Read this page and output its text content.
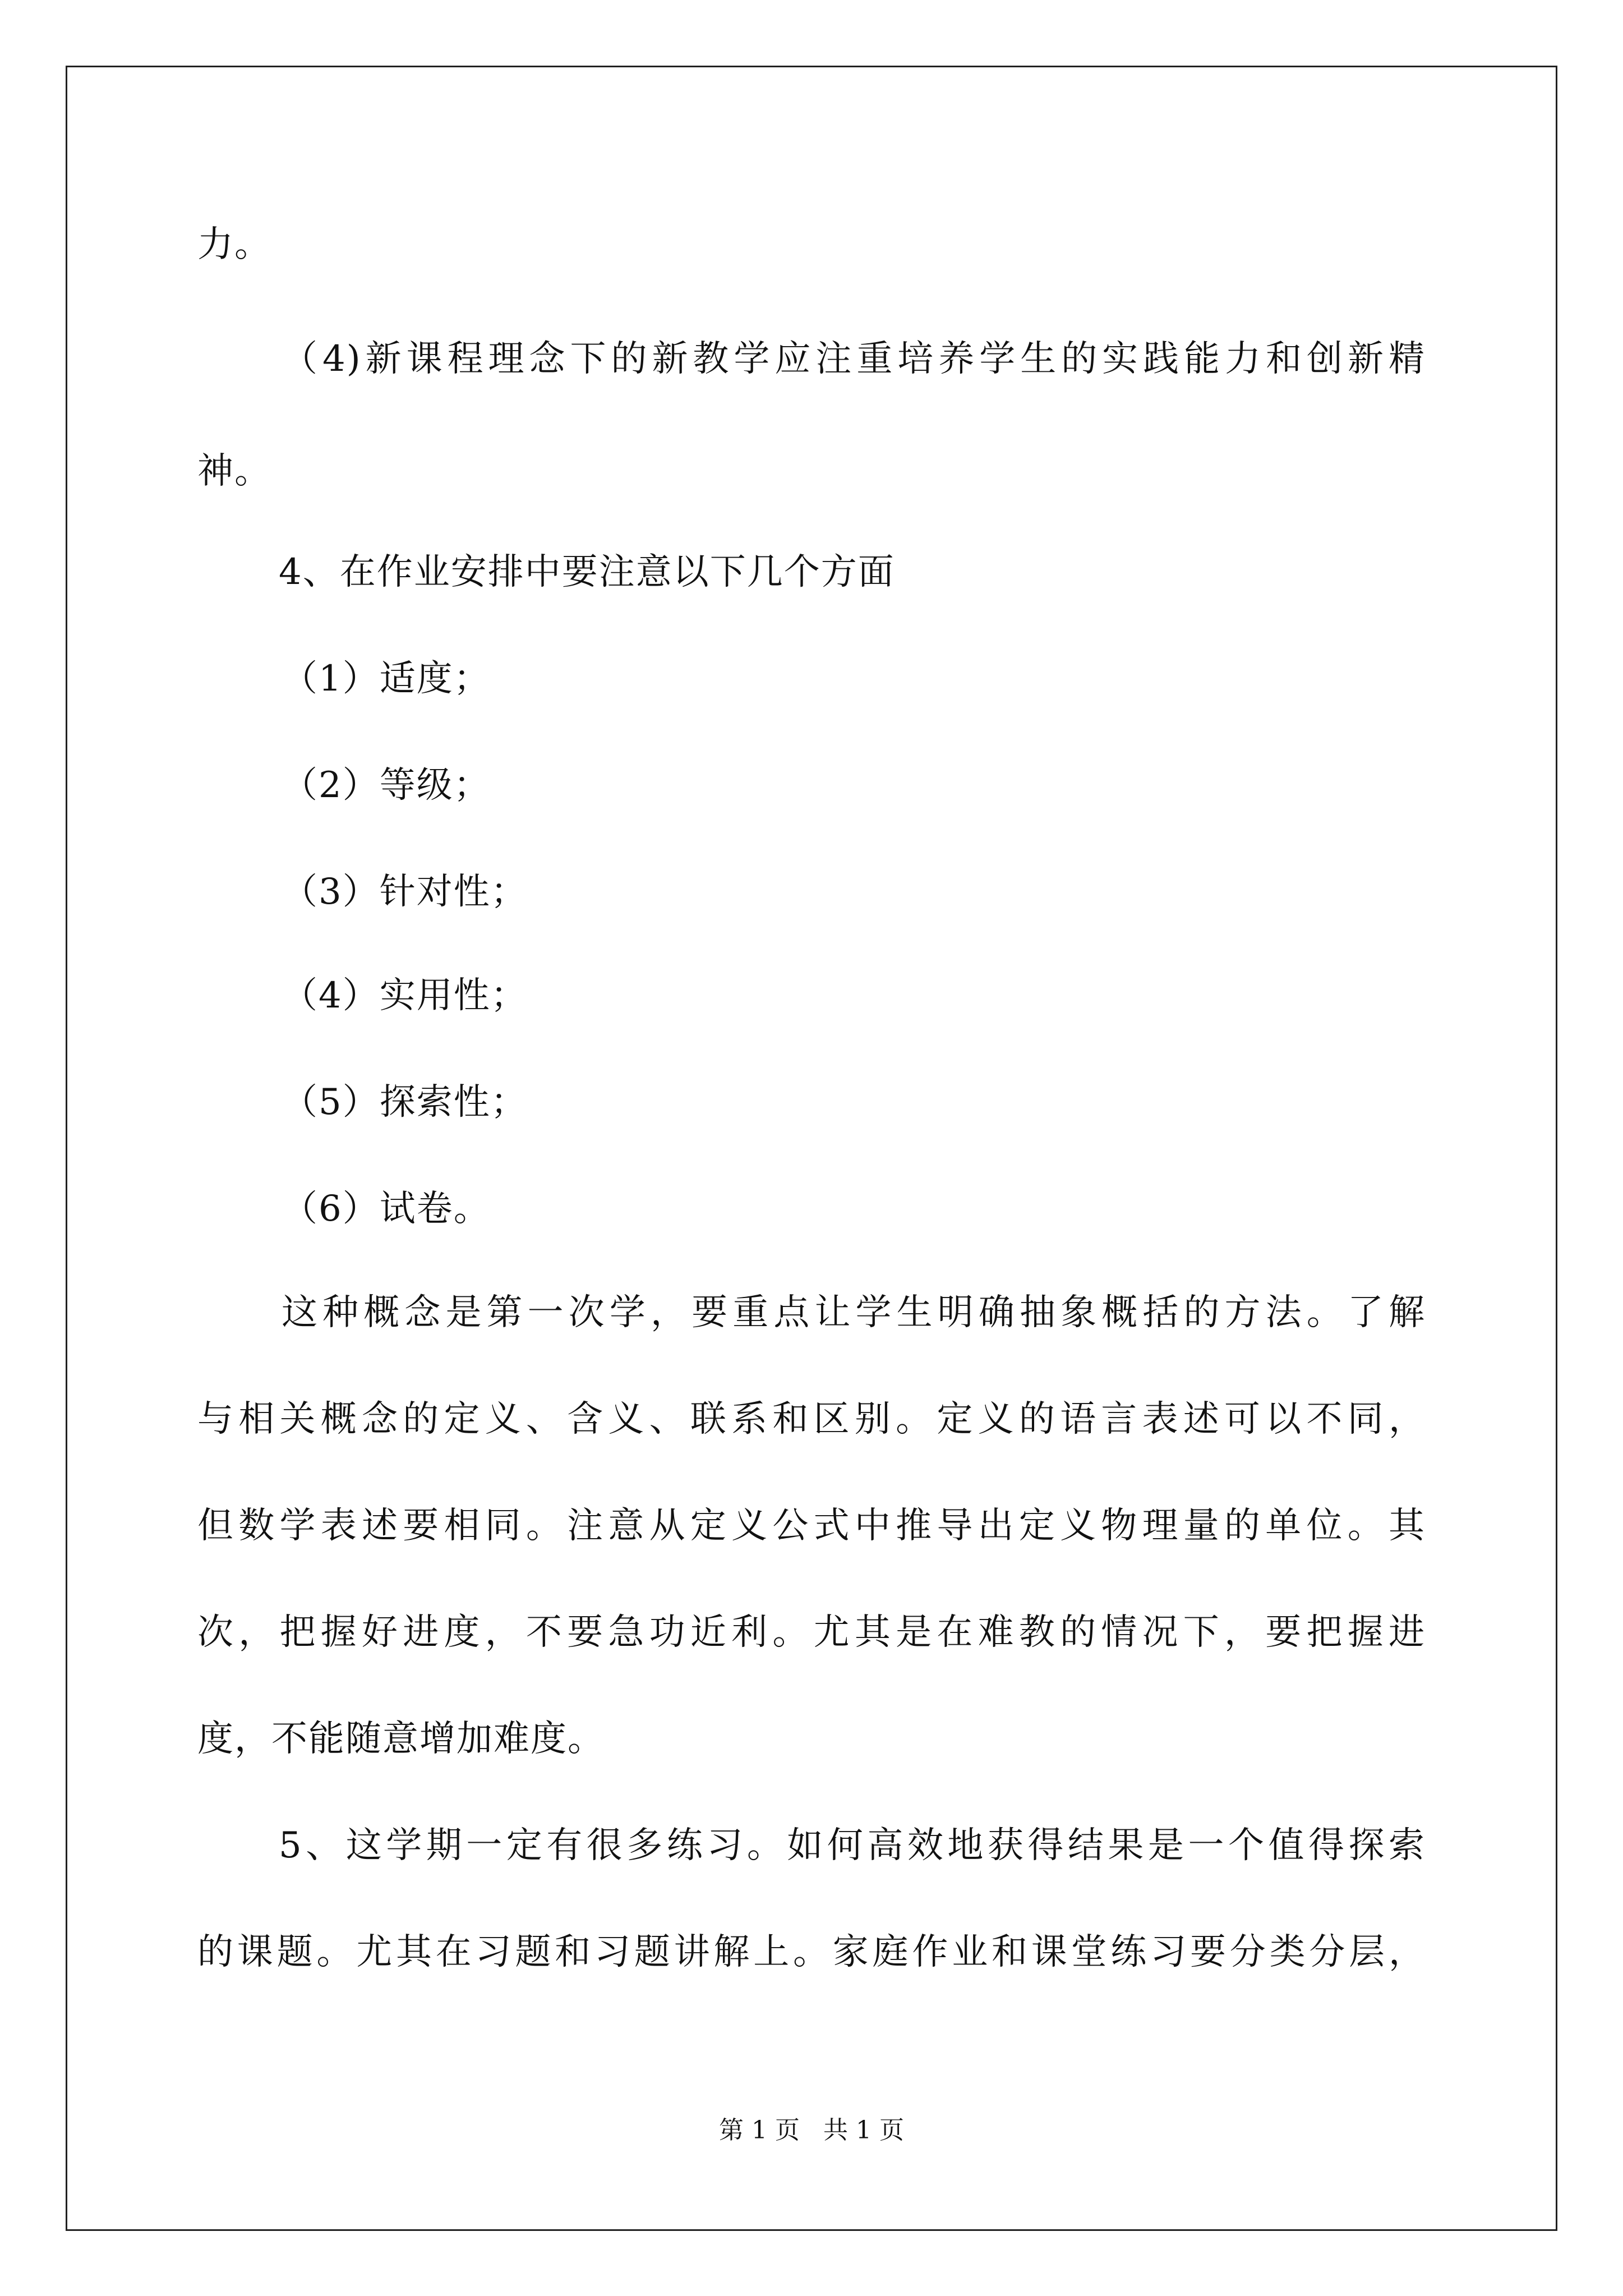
力。
（4)新课程理念下的新教学应注重培养学生的实践能力和创新精
神。
4、在作业安排中要注意以下几个方面
（1）适度；
（2）等级；
（3）针对性；
（4）实用性；
（5）探索性；
（6）试卷。
这种概念是第一次学，要重点让学生明确抽象概括的方法。了解
与相关概念的定义、含义、联系和区别。定义的语言表述可以不同，
但数学表述要相同。注意从定义公式中推导出定义物理量的单位。其
次，把握好进度，不要急功近利。尤其是在难教的情况下，要把握进
度，不能随意增加难度。
5、这学期一定有很多练习。如何高效地获得结果是一个值得探索
的课题。尤其在习题和习题讲解上。家庭作业和课堂练习要分类分层，
第 1 页   共 1 页
